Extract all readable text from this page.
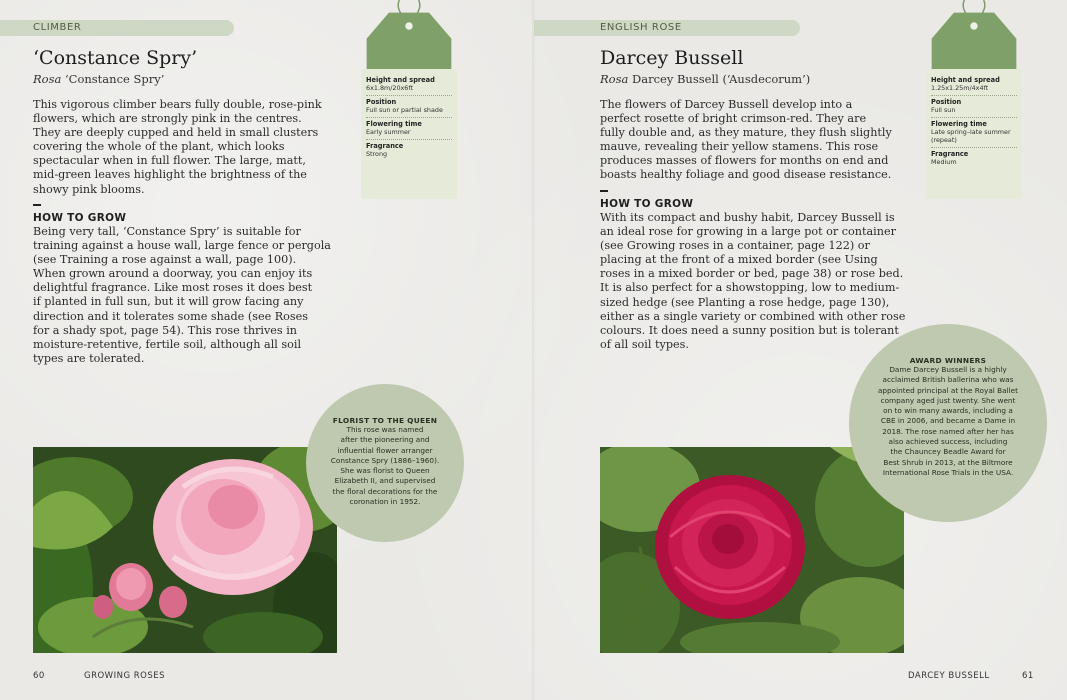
CLIMBER
‘Constance Spry’
Rosa ‘Constance Spry’
This vigorous climber bears fully double, rose-pink
flowers, which are strongly pink in the centres.
They are deeply cupped and held in small clusters
covering the whole of the plant, which looks
spectacular when in full flower. The large, matt,
mid-green leaves highlight the brightness of the
showy pink blooms.
HOW TO GROW
Being very tall, ‘Constance Spry’ is suitable for
training against a house wall, large fence or pergola
(see Training a rose against a wall, page 100).
When grown around a doorway, you can enjoy its
delightful fragrance. Like most roses it does best
if planted in full sun, but it will grow facing any
direction and it tolerates some shade (see Roses
for a shady spot, page 54). This rose thrives in
moisture-retentive, fertile soil, although all soil
types are tolerated.
Height and spread
6x1.8m/20x6ft
Position
Full sun or partial shade
Flowering time
Early summer
Fragrance
Strong
FLORIST TO THE QUEEN
This rose was named
after the pioneering and
influential flower arranger
Constance Spry (1886–1960).
She was florist to Queen
Elizabeth II, and supervised
the floral decorations for the
coronation in 1952.
60	GROWING ROSES
ENGLISH ROSE
Darcey Bussell
Rosa Darcey Bussell (‘Ausdecorum’)
The flowers of Darcey Bussell develop into a
perfect rosette of bright crimson-red. They are
fully double and, as they mature, they flush slightly
mauve, revealing their yellow stamens. This rose
produces masses of flowers for months on end and
boasts healthy foliage and good disease resistance.
HOW TO GROW
With its compact and bushy habit, Darcey Bussell is
an ideal rose for growing in a large pot or container
(see Growing roses in a container, page 122) or
placing at the front of a mixed border (see Using
roses in a mixed border or bed, page 38) or rose bed.
It is also perfect for a showstopping, low to medium-
sized hedge (see Planting a rose hedge, page 130),
either as a single variety or combined with other rose
colours. It does need a sunny position but is tolerant
of all soil types.
Height and spread
1.25x1.25m/4x4ft
Position
Full sun
Flowering time
Late spring–late summer (repeat)
Fragrance
Medium
AWARD WINNERS
Dame Darcey Bussell is a highly
acclaimed British ballerina who was
appointed principal at the Royal Ballet
company aged just twenty. She went
on to win many awards, including a
CBE in 2006, and became a Dame in
2018. The rose named after her has
also achieved success, including
the Chauncey Beadle Award for
Best Shrub in 2013, at the Biltmore
International Rose Trials in the USA.
DARCEY BUSSELL	61
